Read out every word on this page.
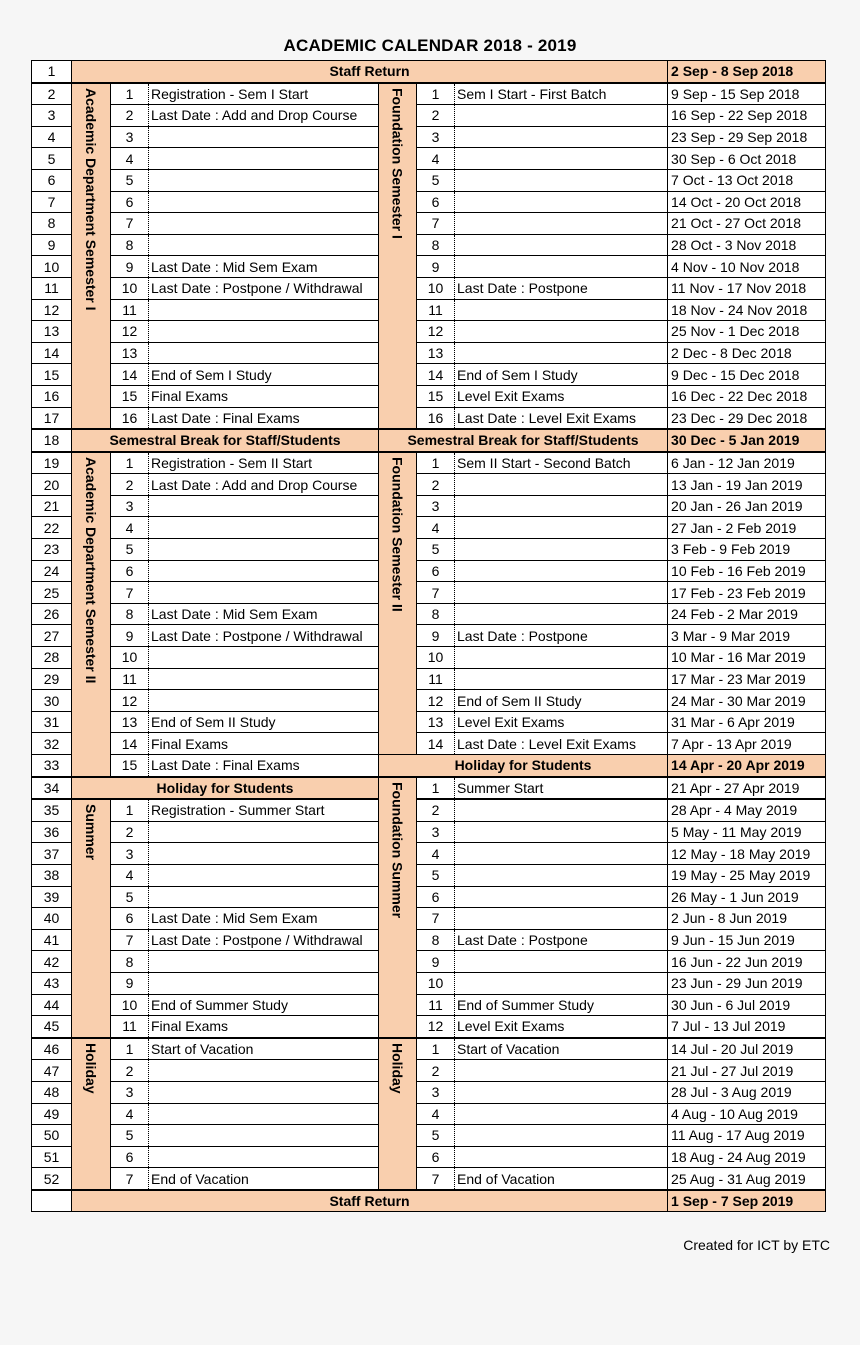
ACADEMIC CALENDAR 2018 - 2019
1	Staff Return						2 Sep - 8 Sep 2018
2	Academic Department Semester I	1	Registration - Sem I Start	Foundation Semester I	1	Sem I Start - First Batch	9 Sep - 15 Sep 2018
3		2	Last Date : Add and Drop Course		2		16 Sep - 22 Sep 2018
4		3			3		23 Sep - 29 Sep 2018
5		4			4		30 Sep - 6 Oct 2018
6		5			5		7 Oct - 13 Oct 2018
7		6			6		14 Oct - 20 Oct 2018
8		7			7		21 Oct - 27 Oct 2018
9		8			8		28 Oct - 3 Nov 2018
10		9	Last Date : Mid Sem Exam		9		4 Nov - 10 Nov 2018
11		10	Last Date : Postpone / Withdrawal		10	Last Date : Postpone	11 Nov - 17 Nov 2018
12		11			11		18 Nov - 24 Nov 2018
13		12			12		25 Nov - 1 Dec 2018
14		13			13		2 Dec - 8 Dec 2018
15		14	End of Sem I Study		14	End of Sem I Study	9 Dec - 15 Dec 2018
16		15	Final Exams		15	Level Exit Exams	16 Dec - 22 Dec 2018
17		16	Last Date : Final Exams		16	Last Date : Level Exit Exams	23 Dec - 29 Dec 2018
18	Semestral Break for Staff/Students			Semestral Break for Staff/Students			30 Dec - 5 Jan 2019
19	Academic Department Semester II	1	Registration - Sem II Start	Foundation Semester II	1	Sem II Start - Second Batch	6 Jan - 12 Jan 2019
20		2	Last Date : Add and Drop Course		2		13 Jan - 19 Jan 2019
21		3			3		20 Jan - 26 Jan 2019
22		4			4		27 Jan - 2 Feb 2019
23		5			5		3 Feb - 9 Feb 2019
24		6			6		10 Feb - 16 Feb 2019
25		7			7		17 Feb - 23 Feb 2019
26		8	Last Date : Mid Sem Exam		8		24 Feb - 2 Mar 2019
27		9	Last Date : Postpone / Withdrawal		9	Last Date : Postpone	3 Mar - 9 Mar 2019
28		10			10		10 Mar - 16 Mar 2019
29		11			11		17 Mar - 23 Mar 2019
30		12			12	End of Sem II Study	24 Mar - 30 Mar 2019
31		13	End of Sem II Study		13	Level Exit Exams	31 Mar - 6 Apr 2019
32		14	Final Exams		14	Last Date : Level Exit Exams	7 Apr - 13 Apr 2019
33		15	Last Date : Final Exams	Holiday for Students			14 Apr - 20 Apr 2019
34	Holiday for Students			Foundation Summer	1	Summer Start	21 Apr - 27 Apr 2019
35	Summer	1	Registration - Summer Start		2		28 Apr - 4 May 2019
36		2			3		5 May - 11 May 2019
37		3			4		12 May - 18 May 2019
38		4			5		19 May - 25 May 2019
39		5			6		26 May - 1 Jun 2019
40		6	Last Date : Mid Sem Exam		7		2 Jun - 8 Jun 2019
41		7	Last Date : Postpone / Withdrawal		8	Last Date : Postpone	9 Jun - 15 Jun 2019
42		8			9		16 Jun - 22 Jun 2019
43		9			10		23 Jun - 29 Jun 2019
44		10	End of Summer Study		11	End of Summer Study	30 Jun - 6 Jul 2019
45		11	Final Exams		12	Level Exit Exams	7 Jul - 13 Jul 2019
46	Holiday	1	Start of Vacation	Holiday	1	Start of Vacation	14 Jul - 20 Jul 2019
47		2			2		21 Jul - 27 Jul 2019
48		3			3		28 Jul - 3 Aug 2019
49		4			4		4 Aug - 10 Aug 2019
50		5			5		11 Aug - 17 Aug 2019
51		6			6		18 Aug - 24 Aug 2019
52		7	End of Vacation		7	End of Vacation	25 Aug - 31 Aug 2019
	Staff Return						1 Sep - 7 Sep 2019
Created for ICT by ETC
